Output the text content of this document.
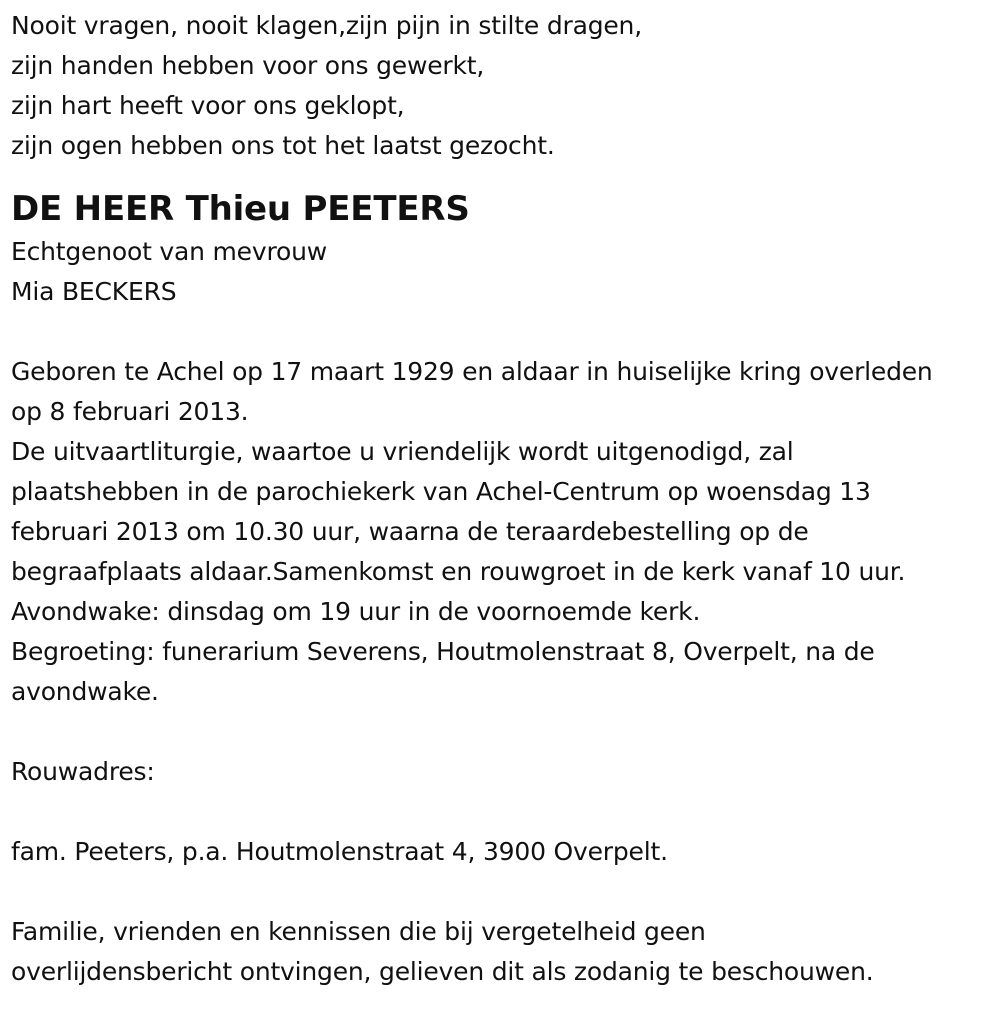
Nooit vragen, nooit klagen,zijn pijn in stilte dragen,
zijn handen hebben voor ons gewerkt,
zijn hart heeft voor ons geklopt,
zijn ogen hebben ons tot het laatst gezocht.
DE HEER Thieu PEETERS
Echtgenoot van mevrouw
Mia BECKERS
Geboren te Achel op 17 maart 1929 en aldaar in huiselijke kring overleden
op 8 februari 2013.
De uitvaartliturgie, waartoe u vriendelijk wordt uitgenodigd, zal
plaatshebben in de parochiekerk van Achel-Centrum op woensdag 13
februari 2013 om 10.30 uur, waarna de teraardebestelling op de
begraafplaats aldaar.Samenkomst en rouwgroet in de kerk vanaf 10 uur.
Avondwake: dinsdag om 19 uur in de voornoemde kerk.
Begroeting: funerarium Severens, Houtmolenstraat 8, Overpelt, na de
avondwake.
Rouwadres:
fam. Peeters, p.a. Houtmolenstraat 4, 3900 Overpelt.
Familie, vrienden en kennissen die bij vergetelheid geen
overlijdensbericht ontvingen, gelieven dit als zodanig te beschouwen.
